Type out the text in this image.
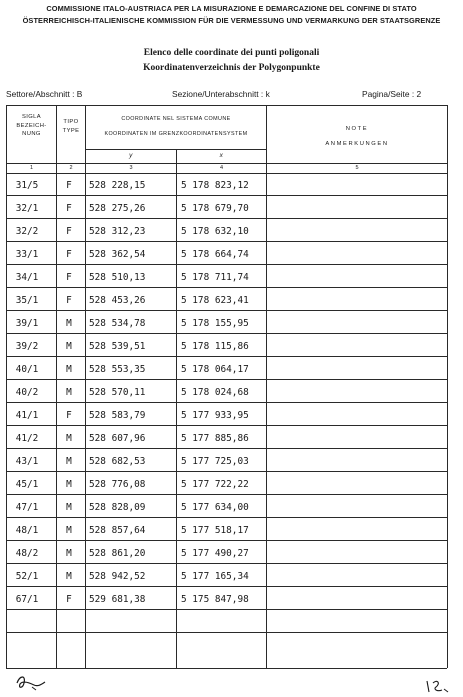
COMMISSIONE ITALO-AUSTRIACA PER LA MISURAZIONE E DEMARCAZIONE DEL CONFINE DI STATO
ÖSTERREICHISCH-ITALIENISCHE KOMMISSION FÜR DIE VERMESSUNG UND VERMARKUNG DER STAATSGRENZE
Elenco delle coordinate dei punti poligonali
Koordinatenverzeichnis der Polygonpunkte
Settore/Abschnitt : B	Sezione/Unterabschnitt : k	Pagina/Seite : 2
SIGLA
BEZEICH-
NUNG
TIPO
TYPE
COORDINATE NEL SISTEMA COMUNE
KOORDINATEN IM GRENZKOORDINATENSYSTEM
y	x
NOTE
ANMERKUNGEN
1	2	3	4	5
31/5	F	528 228,15	5 178 823,12
32/1	F	528 275,26	5 178 679,70
32/2	F	528 312,23	5 178 632,10
33/1	F	528 362,54	5 178 664,74
34/1	F	528 510,13	5 178 711,74
35/1	F	528 453,26	5 178 623,41
39/1	M	528 534,78	5 178 155,95
39/2	M	528 539,51	5 178 115,86
40/1	M	528 553,35	5 178 064,17
40/2	M	528 570,11	5 178 024,68
41/1	F	528 583,79	5 177 933,95
41/2	M	528 607,96	5 177 885,86
43/1	M	528 682,53	5 177 725,03
45/1	M	528 776,08	5 177 722,22
47/1	M	528 828,09	5 177 634,00
48/1	M	528 857,64	5 177 518,17
48/2	M	528 861,20	5 177 490,27
52/1	M	528 942,52	5 177 165,34
67/1	F	529 681,38	5 175 847,98
